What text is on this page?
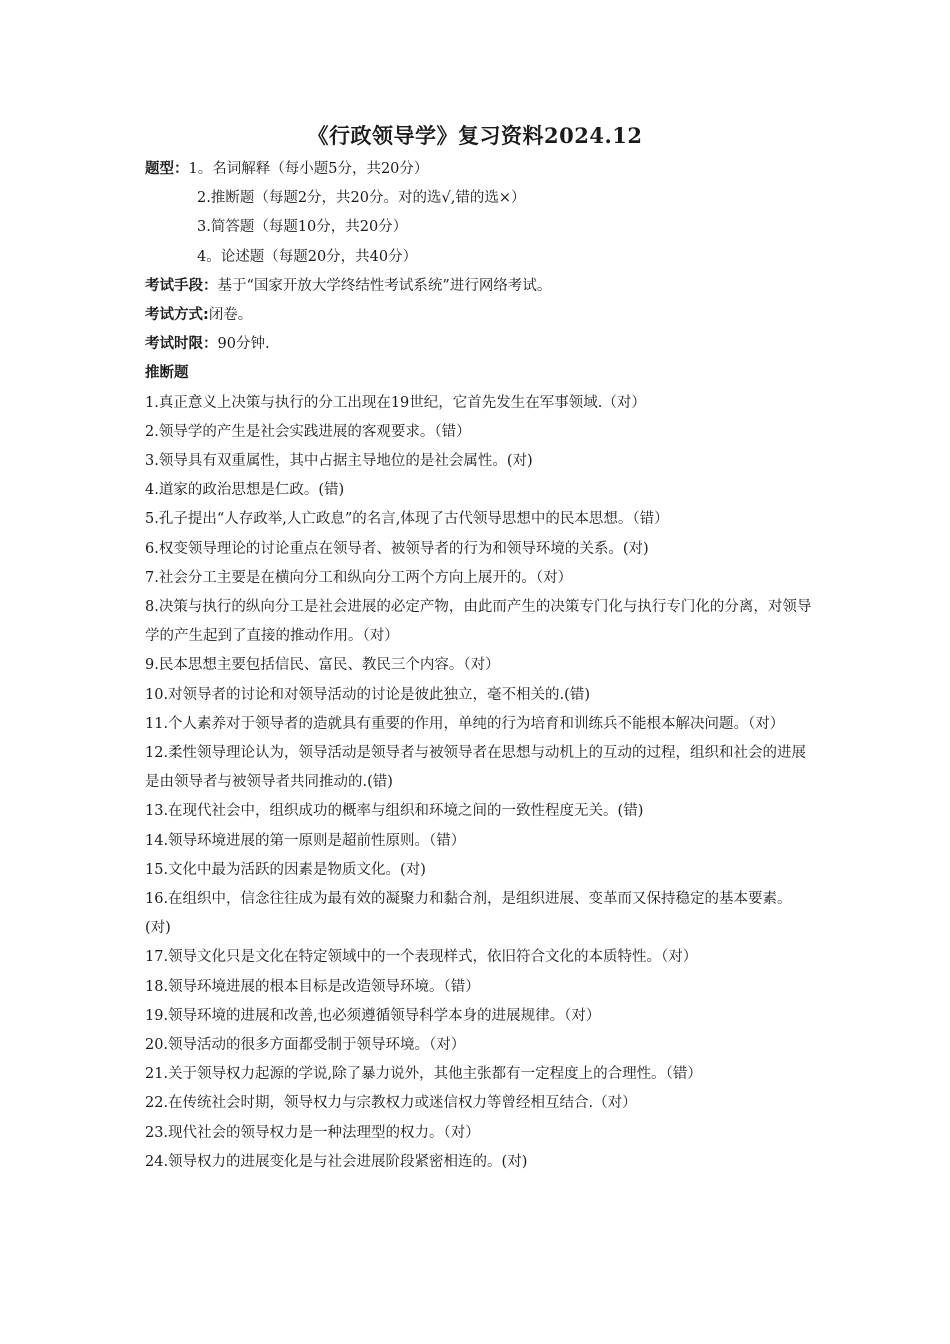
《行政领导学》复习资料2024.12
题型：1。名词解释（每小题5分，共20分）
2.推断题（每题2分，共20分。对的选√,错的选×）
3.简答题（每题10分，共20分）
4。论述题（每题20分，共40分）
考试手段：基于“国家开放大学终结性考试系统”进行网络考试。
考试方式:闭卷。
考试时限：90分钟.
推断题
1.真正意义上决策与执行的分工出现在19世纪，它首先发生在军事领域.（对）
2.领导学的产生是社会实践进展的客观要求。（错）
3.领导具有双重属性，其中占据主导地位的是社会属性。(对)
4.道家的政治思想是仁政。(错)
5.孔子提出“人存政举,人亡政息”的名言,体现了古代领导思想中的民本思想。（错）
6.权变领导理论的讨论重点在领导者、被领导者的行为和领导环境的关系。(对)
7.社会分工主要是在横向分工和纵向分工两个方向上展开的。（对）
8.决策与执行的纵向分工是社会进展的必定产物，由此而产生的决策专门化与执行专门化的分离，对领导学的产生起到了直接的推动作用。（对）
9.民本思想主要包括信民、富民、教民三个内容。（对）
10.对领导者的讨论和对领导活动的讨论是彼此独立，毫不相关的.(错)
11.个人素养对于领导者的造就具有重要的作用，单纯的行为培育和训练兵不能根本解决问题。（对）
12.柔性领导理论认为，领导活动是领导者与被领导者在思想与动机上的互动的过程，组织和社会的进展是由领导者与被领导者共同推动的.(错)
13.在现代社会中，组织成功的概率与组织和环境之间的一致性程度无关。(错)
14.领导环境进展的第一原则是超前性原则。（错）
15.文化中最为活跃的因素是物质文化。(对)
16.在组织中，信念往往成为最有效的凝聚力和黏合剂，是组织进展、变革而又保持稳定的基本要素。(对)
17.领导文化只是文化在特定领域中的一个表现样式，依旧符合文化的本质特性。（对）
18.领导环境进展的根本目标是改造领导环境。（错）
19.领导环境的进展和改善,也必须遵循领导科学本身的进展规律。（对）
20.领导活动的很多方面都受制于领导环境。（对）
21.关于领导权力起源的学说,除了暴力说外，其他主张都有一定程度上的合理性。（错）
22.在传统社会时期，领导权力与宗教权力或迷信权力等曾经相互结合.（对）
23.现代社会的领导权力是一种法理型的权力。（对）
24.领导权力的进展变化是与社会进展阶段紧密相连的。(对)
